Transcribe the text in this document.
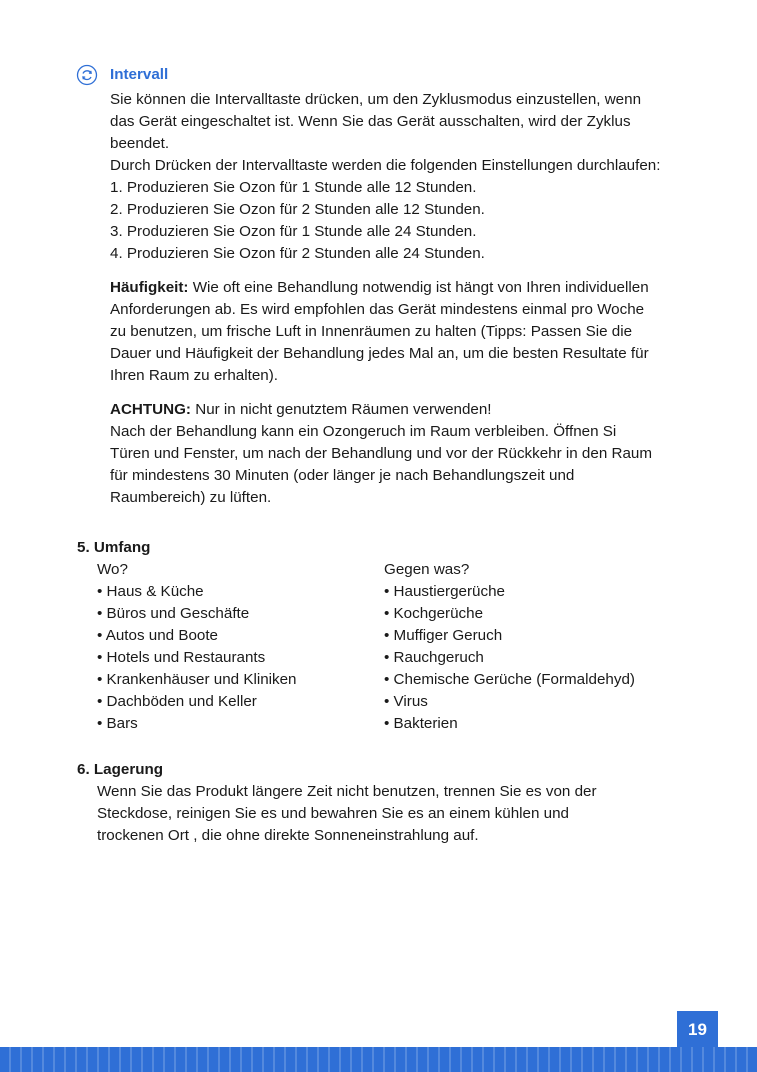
Intervall
Sie können die Intervalltaste drücken, um den Zyklusmodus einzustellen, wenn
das Gerät eingeschaltet ist. Wenn Sie das Gerät ausschalten, wird der Zyklus
beendet.
Durch Drücken der Intervalltaste werden die folgenden Einstellungen durchlaufen:
1. Produzieren Sie Ozon für 1 Stunde alle 12 Stunden.
2. Produzieren Sie Ozon für 2 Stunden alle 12 Stunden.
3. Produzieren Sie Ozon für 1 Stunde alle 24 Stunden.
4. Produzieren Sie Ozon für 2 Stunden alle 24 Stunden.
Häufigkeit: Wie oft eine Behandlung notwendig ist hängt von Ihren individuellen
Anforderungen ab. Es wird empfohlen das Gerät mindestens einmal pro Woche
zu benutzen, um frische Luft in Innenräumen zu halten (Tipps: Passen Sie die
Dauer und Häufigkeit der Behandlung jedes Mal an, um die besten Resultate für
Ihren Raum zu erhalten).
ACHTUNG: Nur in nicht genutztem Räumen verwenden!
Nach der Behandlung kann ein Ozongeruch im Raum verbleiben. Öffnen Si
Türen und Fenster, um nach der Behandlung und vor der Rückkehr in den Raum
für mindestens 30 Minuten (oder länger je nach Behandlungszeit und
Raumbereich) zu lüften.
5. Umfang
Wo?
• Haus & Küche
• Büros und Geschäfte
• Autos und Boote
• Hotels und Restaurants
• Krankenhäuser und Kliniken
• Dachböden und Keller
• Bars
Gegen was?
• Haustiergerüche
• Kochgerüche
• Muffiger Geruch
• Rauchgeruch
• Chemische Gerüche (Formaldehyd)
• Virus
• Bakterien
6. Lagerung
Wenn Sie das Produkt längere Zeit nicht benutzen, trennen Sie es von der
Steckdose, reinigen Sie es und bewahren Sie es an einem kühlen und
trockenen Ort , die ohne direkte Sonneneinstrahlung auf.
19
